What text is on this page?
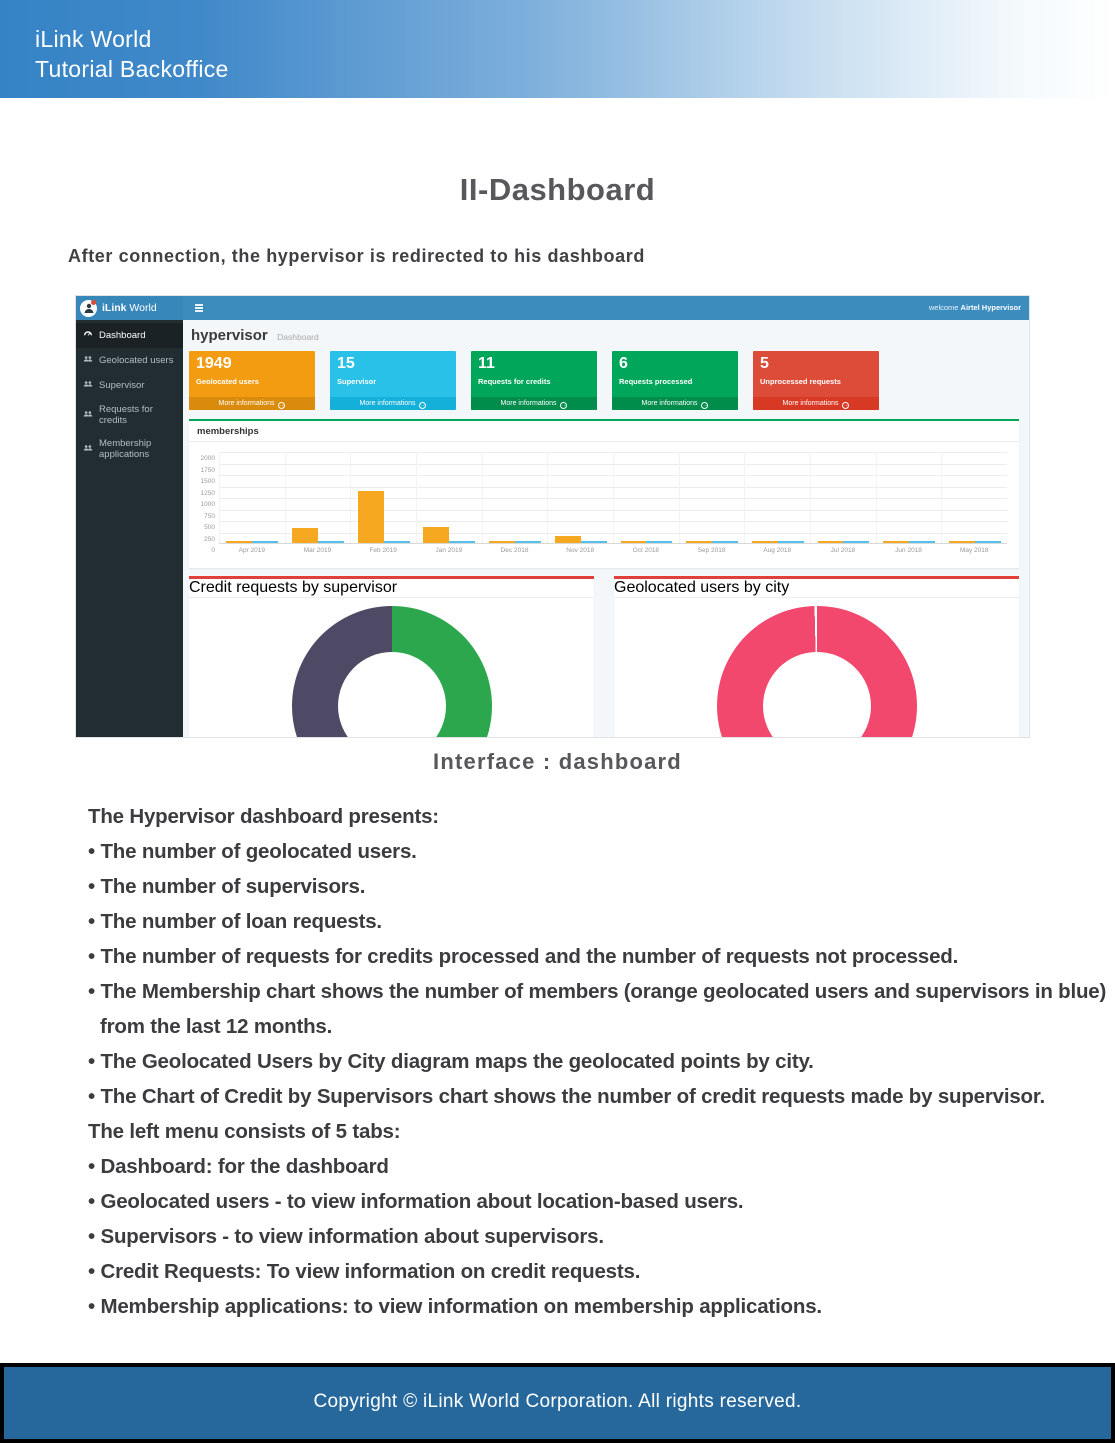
iLink World
Tutorial Backoffice
II-Dashboard
After connection, the hypervisor is redirected to his dashboard
iLink World	welcome Airtel Hypervisor
Dashboard
Geolocated users
Supervisor
Requests for credits
Membership applications
hypervisor Dashboard
1949
Geolocated users
More informations →
15
Supervisor
More informations →
11
Requests for credits
More informations →
6
Requests processed
More informations →
5
Unprocessed requests
More informations →
memberships
0
250
500
750
1000
1250
1500
1750
2000
Apr 2019	Mar 2019	Feb 2019	Jan 2019	Dec 2018	Nov 2018	Oct 2018	Sep 2018	Aug 2018	Jul 2018	Jun 2018	May 2018
Credit requests by supervisor	Geolocated users by city
Interface : dashboard

The Hypervisor dashboard presents:

• The number of geolocated users.

• The number of supervisors.

• The number of loan requests.

• The number of requests for credits processed and the number of requests not processed.

• The Membership chart shows the number of members (orange geolocated users and supervisors in blue)

from the last 12 months.

• The Geolocated Users by City diagram maps the geolocated points by city.

• The Chart of Credit by Supervisors chart shows the number of credit requests made by supervisor.

The left menu consists of 5 tabs:

• Dashboard: for the dashboard

• Geolocated users - to view information about location-based users.

• Supervisors - to view information about supervisors.

• Credit Requests: To view information on credit requests.

• Membership applications: to view information on membership applications.

Copyright © iLink World Corporation. All rights reserved.
